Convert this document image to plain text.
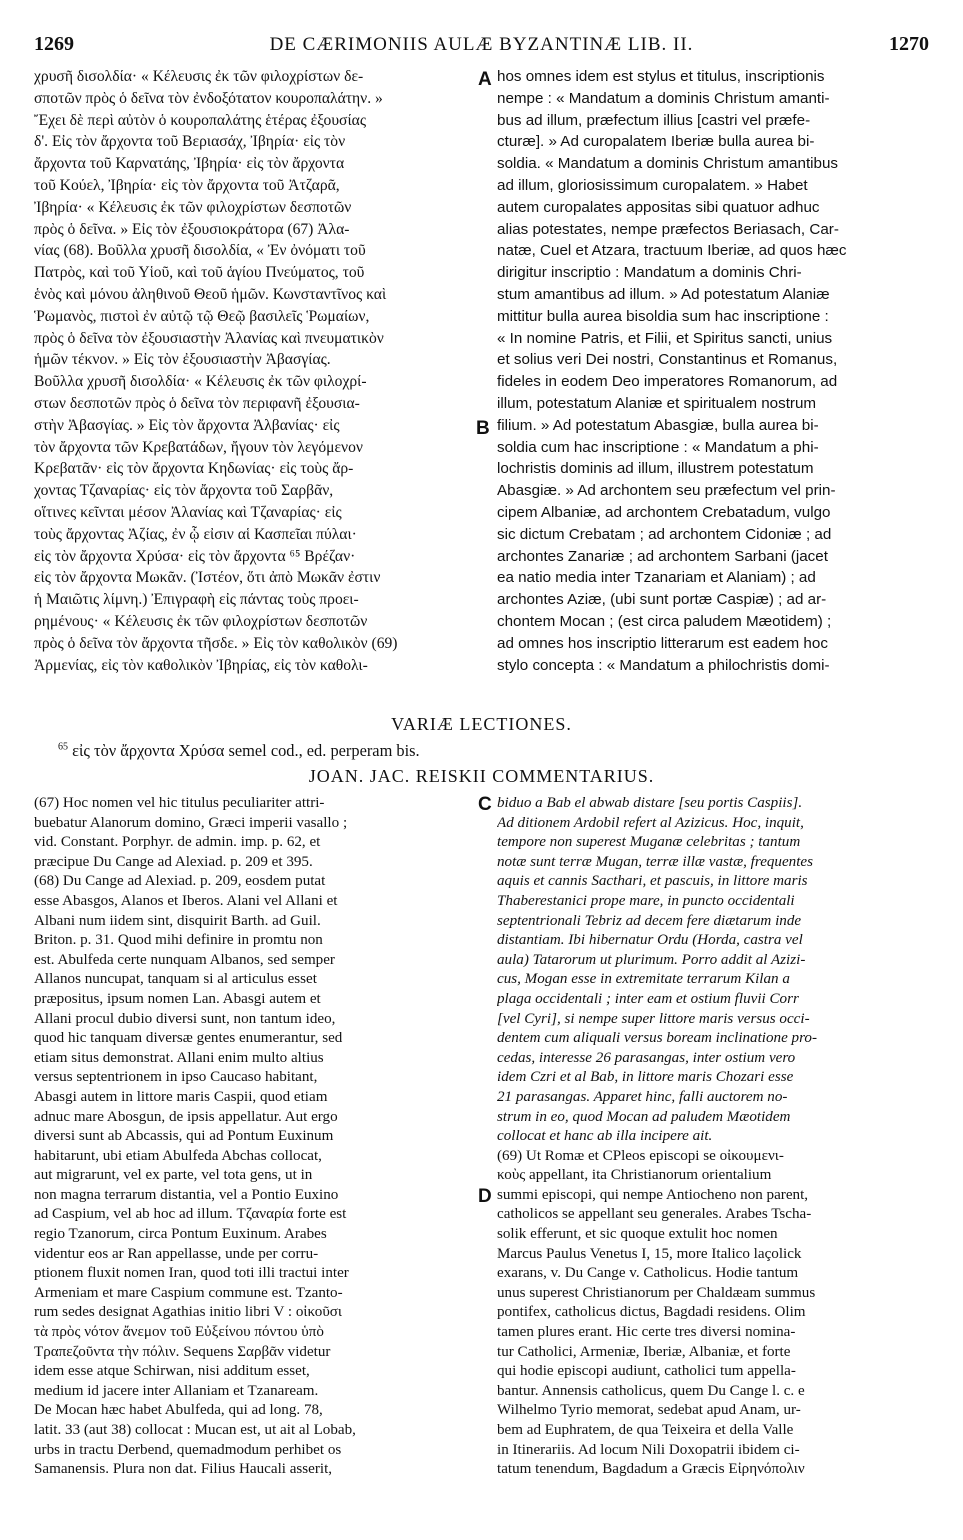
1269	DE CÆRIMONIIS AULÆ BYZANTINÆ LIB. II.	1270
χρυσῆ δισολδία· « Κέλευσις ἐκ τῶν φιλοχρίστων δε-
σποτῶν πρὸς ὁ δεῖνα τὸν ἐνδοξότατον κουροπαλάτην. »
Ἔχει δὲ περὶ αὐτὸν ὁ κουροπαλάτης ἑτέρας ἐξουσίας
δ'. Εἰς τὸν ἄρχοντα τοῦ Βεριασάχ, Ἰβηρία· εἰς τὸν
ἄρχοντα τοῦ Καρνατάης, Ἰβηρία· εἰς τὸν ἄρχοντα
τοῦ Κούελ, Ἰβηρία· εἰς τὸν ἄρχοντα τοῦ Ἀτζαρᾶ,
Ἰβηρία· « Κέλευσις ἐκ τῶν φιλοχρίστων δεσποτῶν
πρὸς ὁ δεῖνα. » Εἰς τὸν ἐξουσιοκράτορα (67) Ἀλα-
νίας (68). Βοῦλλα χρυσῆ δισολδία, « Ἐν ὀνόματι τοῦ
Πατρὸς, καὶ τοῦ Υἱοῦ, καὶ τοῦ ἁγίου Πνεύματος, τοῦ
ἑνὸς καὶ μόνου ἀληθινοῦ Θεοῦ ἡμῶν. Κωνσταντῖνος καὶ
Ῥωμανὸς, πιστοὶ ἐν αὐτῷ τῷ Θεῷ βασιλεῖς Ῥωμαίων,
πρὸς ὁ δεῖνα τὸν ἐξουσιαστὴν Ἀλανίας καὶ πνευματικὸν
ἡμῶν τέκνον. » Εἰς τὸν ἐξουσιαστὴν Ἀβασγίας.
Βοῦλλα χρυσῆ δισολδία· « Κέλευσις ἐκ τῶν φιλοχρί-
στων δεσποτῶν πρὸς ὁ δεῖνα τὸν περιφανῆ ἐξουσια-
στὴν Ἀβασγίας. » Εἰς τὸν ἄρχοντα Ἀλβανίας· εἰς
τὸν ἄρχοντα τῶν Κρεβατάδων, ἤγουν τὸν λεγόμενον
Κρεβατᾶν· εἰς τὸν ἄρχοντα Κηδωνίας· εἰς τοὺς ἄρ-
χοντας Τζαναρίας· εἰς τὸν ἄρχοντα τοῦ Σαρβᾶν,
οἵτινες κεῖνται μέσον Ἀλανίας καὶ Τζαναρίας· εἰς
τοὺς ἄρχοντας Ἀζίας, ἐν ᾧ εἰσιν αἱ Κασπεῖαι πύλαι·
εἰς τὸν ἄρχοντα Χρύσα· εἰς τὸν ἄρχοντα ⁶⁵ Βρέζαν·
εἰς τὸν ἄρχοντα Μωκᾶν. (Ἰστέον, ὅτι ἀπὸ Μωκᾶν ἐστιν
ἡ Μαιῶτις λίμνη.) Ἐπιγραφὴ εἰς πάντας τοὺς προει-
ρημένους· « Κέλευσις ἐκ τῶν φιλοχρίστων δεσποτῶν
πρὸς ὁ δεῖνα τὸν ἄρχοντα τῆσδε. » Εἰς τὸν καθολικὸν (69)
Ἀρμενίας, εἰς τὸν καθολικὸν Ἰβηρίας, εἰς τὸν καθολι-
hos omnes idem est stylus et titulus, inscriptionis
nempe : « Mandatum a dominis Christum amanti-
bus ad illum, præfectum illius [castri vel præfe-
cturæ]. » Ad curopalatem Iberiæ bulla aurea bi-
soldia. « Mandatum a dominis Christum amantibus
ad illum, gloriosissimum curopalatem. » Habet
autem curopalates appositas sibi quatuor adhuc
alias potestates, nempe præfectos Beriasach, Car-
natæ, Cuel et Atzara, tractuum Iberiæ, ad quos hæc
dirigitur inscriptio : Mandatum a dominis Chri-
stum amantibus ad illum. » Ad potestatum Alaniæ
mittitur bulla aurea bisoldia sum hac inscriptione :
« In nomine Patris, et Filii, et Spiritus sancti, unius
et solius veri Dei nostri, Constantinus et Romanus,
fideles in eodem Deo imperatores Romanorum, ad
illum, potestatum Alaniæ et spiritualem nostrum
filium. » Ad potestatum Abasgiæ, bulla aurea bi-
soldia cum hac inscriptione : « Mandatum a phi-
lochristis dominis ad illum, illustrem potestatum
Abasgiæ. » Ad archontem seu præfectum vel prin-
cipem Albaniæ, ad archontem Crebatadum, vulgo
sic dictum Crebatam ; ad archontem Cidoniæ ; ad
archontes Zanariæ ; ad archontem Sarbani (jacet
ea natio media inter Tzanariam et Alaniam) ; ad
archontes Aziæ, (ubi sunt portæ Caspiæ) ; ad ar-
chontem Mocan ; (est circa paludem Mæotidem) ;
ad omnes hos inscriptio litterarum est eadem hoc
stylo concepta : « Mandatum a philochristis domi-
A
B
VARIÆ LECTIONES.
$^{65}$ εἰς τὸν ἄρχοντα Χρύσα semel cod., ed. perperam bis.
JOAN. JAC. REISKII COMMENTARIUS.
(67) Hoc nomen vel hic titulus peculiariter attri-
buebatur Alanorum domino, Græci imperii vasallo ;
vid. Constant. Porphyr. de admin. imp. p. 62, et
præcipue Du Cange ad Alexiad. p. 209 et 395.
(68) Du Cange ad Alexiad. p. 209, eosdem putat
esse Abasgos, Alanos et Iberos. Alani vel Allani et
Albani num iidem sint, disquirit Barth. ad Guil.
Briton. p. 31. Quod mihi definire in promtu non
est. Abulfeda certe nunquam Albanos, sed semper
Allanos nuncupat, tanquam si al articulus esset
præpositus, ipsum nomen Lan. Abasgi autem et
Allani procul dubio diversi sunt, non tantum ideo,
quod hic tanquam diversæ gentes enumerantur, sed
etiam situs demonstrat. Allani enim multo altius
versus septentrionem in ipso Caucaso habitant,
Abasgi autem in littore maris Caspii, quod etiam
adnuc mare Abosgun, de ipsis appellatur. Aut ergo
diversi sunt ab Abcassis, qui ad Pontum Euxinum
habitarunt, ubi etiam Abulfeda Abchas collocat,
aut migrarunt, vel ex parte, vel tota gens, ut in
non magna terrarum distantia, vel a Pontio Euxino
ad Caspium, vel ab hoc ad illum. Τζαναρία forte est
regio Tzanorum, circa Pontum Euxinum. Arabes
videntur eos ar Ran appellasse, unde per corru-
ptionem fluxit nomen Iran, quod toti illi tractui inter
Armeniam et mare Caspium commune est. Tzanto-
rum sedes designat Agathias initio libri V : οἰκοῦσι
τὰ πρὸς νότον ἄνεμον τοῦ Εὐξείνου πόντου ὑπὸ
Τραπεζοῦντα τὴν πόλιν. Sequens Σαρβᾶν videtur
idem esse atque Schirwan, nisi additum esset,
medium id jacere inter Allaniam et Tzanaream.
De Mocan hæc habet Abulfeda, qui ad long. 78,
latit. 33 (aut 38) collocat : Mucan est, ut ait al Lobab,
urbs in tractu Derbend, quemadmodum perhibet os
Samanensis. Plura non dat. Filius Haucali asserit,
biduo a Bab el abwab distare [seu portis Caspiis].
Ad ditionem Ardobil refert al Azizicus. Hoc, inquit,
tempore non superest Muganæ celebritas ; tantum
notæ sunt terræ Mugan, terræ illæ vastæ, frequentes
aquis et cannis Sacthari, et pascuis, in littore maris
Thaberestanici prope mare, in puncto occidentali
septentrionali Tebriz ad decem fere diætarum inde
distantiam. Ibi hibernatur Ordu (Horda, castra vel
aula) Tatarorum ut plurimum. Porro addit al Azizi-
cus, Mogan esse in extremitate terrarum Kilan a
plaga occidentali ; inter eam et ostium fluvii Corr
[vel Cyri], si nempe super littore maris versus occi-
dentem cum aliquali versus boream inclinatione pro-
cedas, interesse 26 parasangas, inter ostium vero
idem Czri et al Bab, in littore maris Chozari esse
21 parasangas. Apparet hinc, falli auctorem no-
strum in eo, quod Mocan ad paludem Mæotidem
collocat et hanc ab illa incipere ait.
(69) Ut Romæ et CPleos episcopi se οἰκουμενι-
κοὺς appellant, ita Christianorum orientalium
summi episcopi, qui nempe Antiocheno non parent,
catholicos se appellant seu generales. Arabes Tscha-
solik efferunt, et sic quoque extulit hoc nomen
Marcus Paulus Venetus I, 15, more Italico laçolick
exarans, v. Du Cange v. Catholicus. Hodie tantum
unus superest Christianorum per Chaldæam summus
pontifex, catholicus dictus, Bagdadi residens. Olim
tamen plures erant. Hic certe tres diversi nomina-
tur Catholici, Armeniæ, Iberiæ, Albaniæ, et forte
qui hodie episcopi audiunt, catholici tum appella-
bantur. Annensis catholicus, quem Du Cange l. c. e
Wilhelmo Tyrio memorat, sedebat apud Anam, ur-
bem ad Euphratem, de qua Teixeira et della Valle
in Itinerariis. Ad locum Nili Doxopatrii ibidem ci-
tatum tenendum, Bagdadum a Græcis Εἰρηνόπολιν
C
D
